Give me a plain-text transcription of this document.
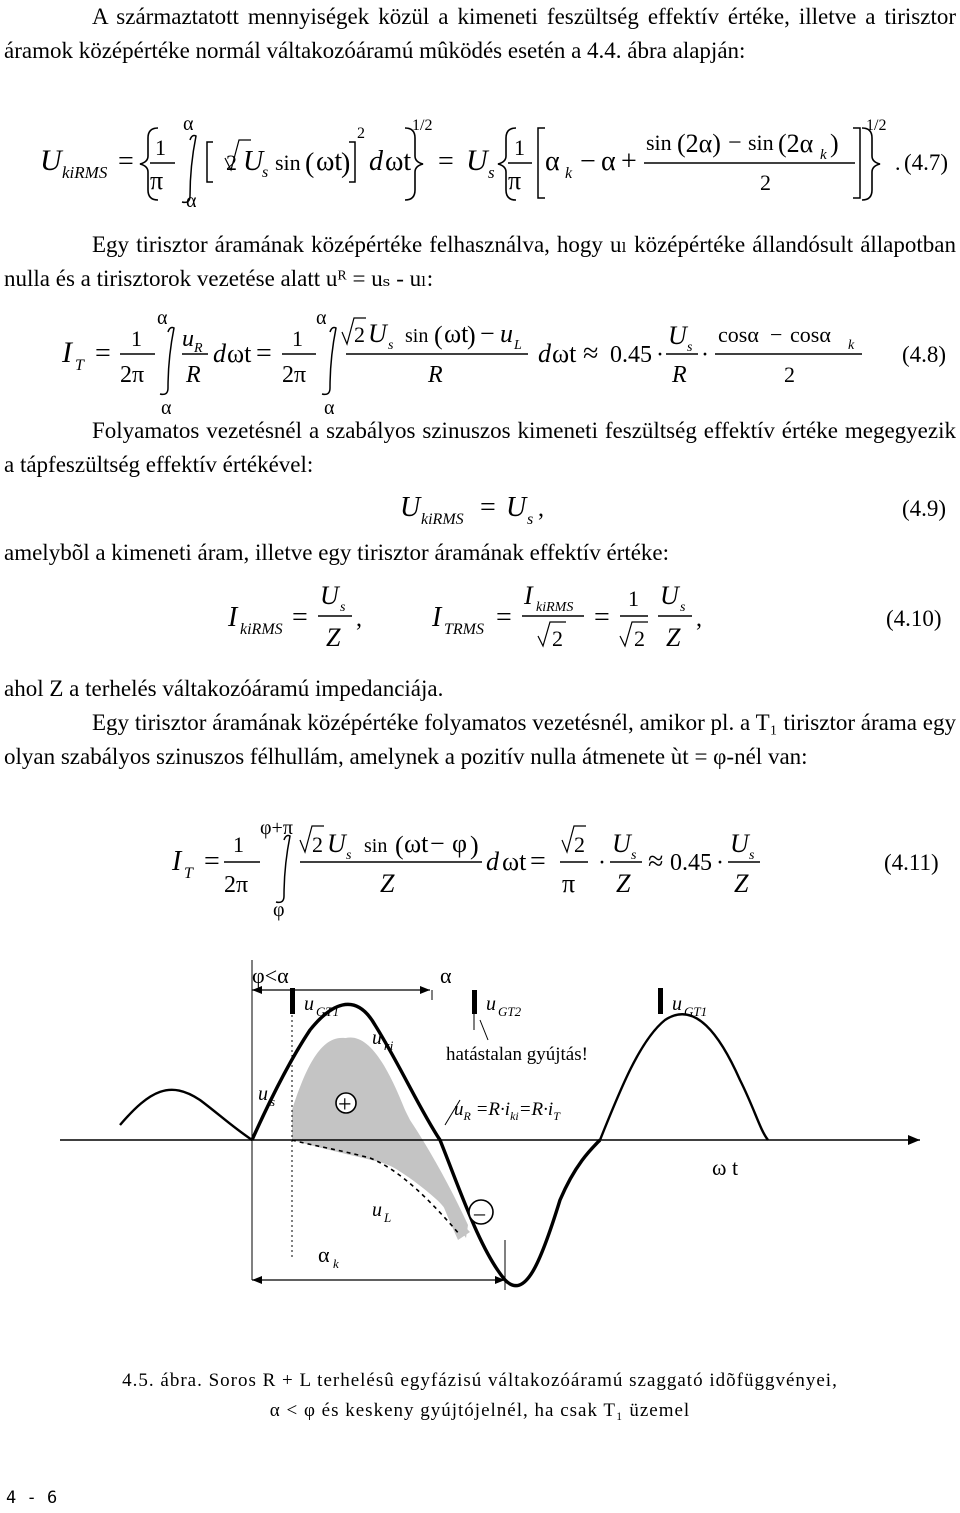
A származtatott mennyiségek közül a kimeneti feszültség effektív értéke, illetve a tirisztor áramok középértéke normál váltakozóáramú mûködés esetén a 4.4. ábra alapján:
U kiRMS = 1
π
α
α
2 U
s sin ( ωt
)
2
d ωt
1/2
= U s
1
π
α k − α +
sin (2α) − sin (2α k )
2
1/2
. (4.7)
Egy tirisztor áramának középértéke felhasználva, hogy uₗ középértéke állandósult állapotban nulla és a tirisztorok vezetése alatt uᴿ = uₛ - uₗ:
I T = 1
2π
α
α
u R
R
d ωt = 1
2π
α
α
2 U s sin ( ωt
) − u L
R
d ωt ≈ 0.45 ·
U s
R
·
cosα − cosα k
2
(4.8)
Folyamatos vezetésnél a szabályos szinuszos kimeneti feszültség effektív értéke megegyezik a tápfeszültség effektív értékével:
U kiRMS = U s ,	(4.9)
amelybõl a kimeneti áram, illetve egy tirisztor áramának effektív értéke:
I kiRMS =
U s
Z
,	I TRMS =
I kiRMS
2
=
1
2
U s
Z
,	(4.10)
ahol Z a terhelés váltakozóáramú impedanciája.
Egy tirisztor áramának középértéke folyamatos vezetésnél, amikor pl. a T₁ tirisztor árama egy olyan szabályos szinuszos félhullám, amelynek a pozitív nulla átmenete ùt = φ-nél van:
I T =
1
2π
φ+π
φ
2 U s sin ( ωt − φ )
Z
d ωt =
2
π
·
U s
Z
≈ 0.45 ·
U s
Z
(4.11)
+
–
φ<α	α
u GT1	u GT2	u GT1
u ki	hatástalan gyújtás!
u s	$u_R =R\cdot i_{ki}=R\cdot i_T$
ω t
u L
α k
4.5. ábra. Soros R + L terhelésû egyfázisú váltakozóáramú szaggató idõfüggvényei,
α < φ és keskeny gyújtójelnél, ha csak T₁ üzemel
4 - 6
